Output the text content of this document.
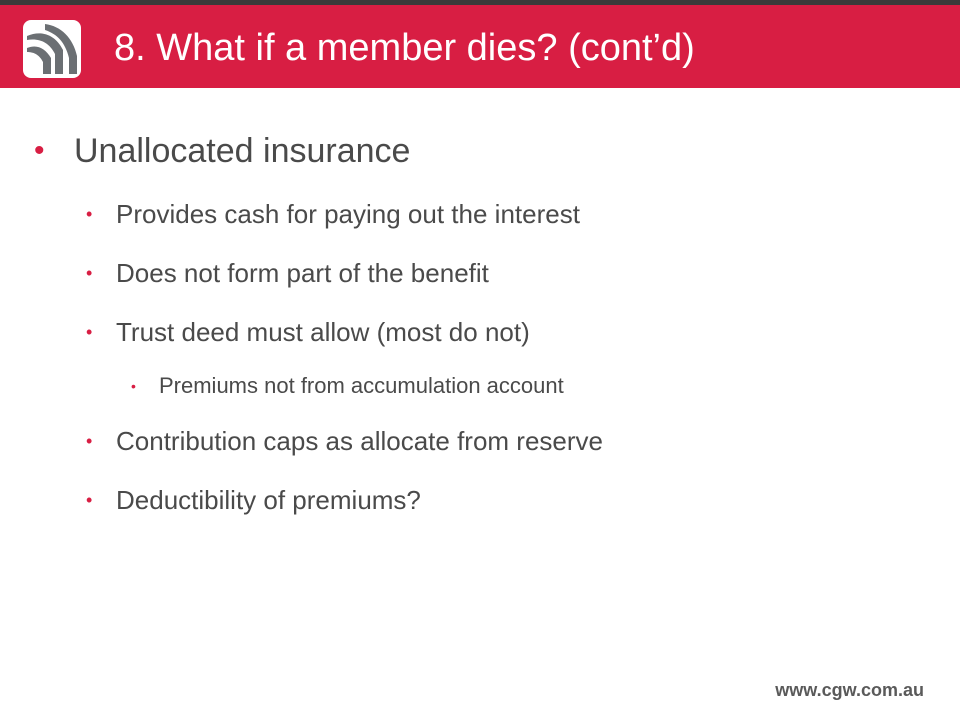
8. What if a member dies? (cont’d)
• Unallocated insurance
• Provides cash for paying out the interest
• Does not form part of the benefit
• Trust deed must allow (most do not)
• Premiums not from accumulation account
• Contribution caps as allocate from reserve
• Deductibility of premiums?
www.cgw.com.au
